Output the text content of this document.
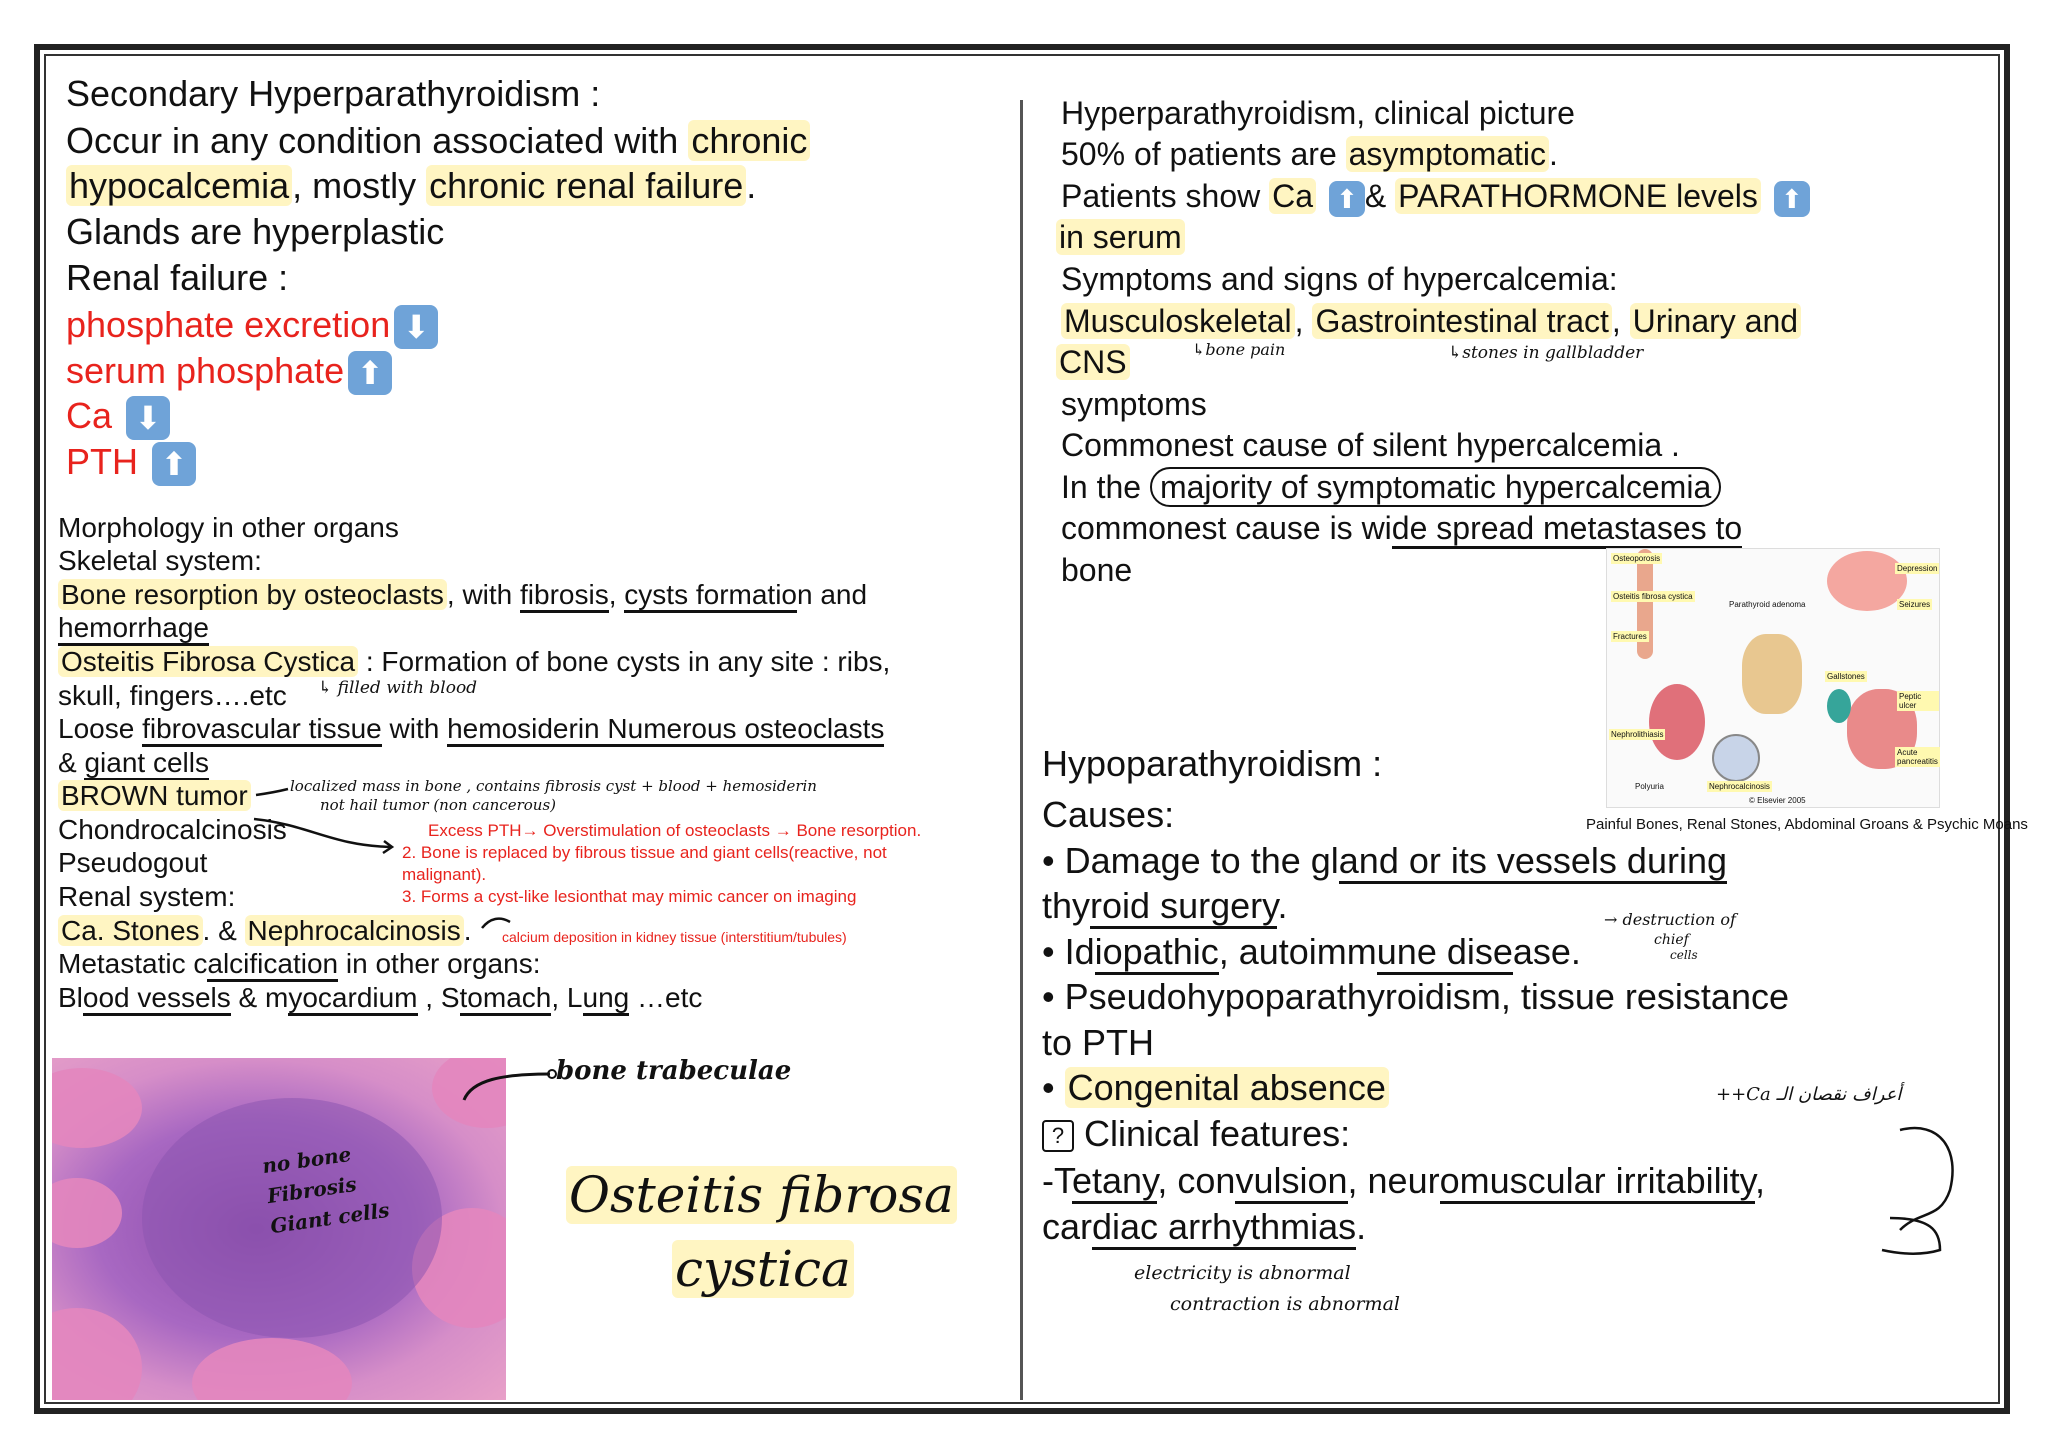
Secondary Hyperparathyroidism :
Occur in any condition associated with chronic
hypocalcemia, mostly chronic renal failure.
Glands are hyperplastic
Renal failure :
phosphate excretion ⬇
serum phosphate ⬆
Ca ⬇
PTH ⬆
Morphology in other organs
Skeletal system:
Bone resorption by osteoclasts , with fibrosis, cysts formation and
hemorrhage
Osteitis Fibrosa Cystica : Formation of bone cysts in any site : ribs,
skull, fingers….etc
Loose fibrovascular tissue with hemosiderin Numerous osteoclasts
& giant cells
BROWN tumor
Chondrocalcinosis
Pseudogout
Renal system:
Ca. Stones . & Nephrocalcinosis .
Metastatic calcification in other organs:
Blood vessels & myocardium , Stomach, Lung …etc
↳ filled with blood
localized mass in bone , contains fibrosis cyst + blood + hemosiderin
not hail tumor (non cancerous)
Excess PTH→ Overstimulation of osteoclasts → Bone resorption.
2. Bone is replaced by fibrous tissue and giant cells(reactive, not
malignant).
3. Forms a cyst-like lesionthat may mimic cancer on imaging
calcium deposition in kidney tissue (interstitium/tubules)
no bone
Fibrosis
Giant cells
bone trabeculae
Osteitis fibrosa
cystica
Hyperparathyroidism, clinical picture
50% of patients are asymptomatic.
Patients show Ca ⬆ & PARATHORMONE levels ⬆
in serum
Symptoms and signs of hypercalcemia:
Musculoskeletal, Gastrointestinal tract, Urinary and
CNS	↳bone pain	↳stones in gallbladder
symptoms
Commonest cause of silent hypercalcemia .
In the majority of symptomatic hypercalcemia
commonest cause is wide spread metastases to
bone	Osteoporosis
Osteitis fibrosa cystica
Fractures
Parathyroid adenoma
Depression
Seizures
Gallstones
Peptic ulcer
Acute pancreatitis
Nephrolithiasis
Polyuria	Nephrocalcinosis
© Elsevier 2005
Painful Bones, Renal Stones, Abdominal Groans & Psychic Moans
Hypoparathyroidism :
Causes:
• Damage to the gland or its vessels during
thyroid surgery.
• Idiopathic, autoimmune disease.
→ destruction of
chief
cells
• Pseudohypoparathyroidism, tissue resistance
to PTH
• Congenital absence
? Clinical features:
-Tetany, convulsion, neuromuscular irritability,
cardiac arrhythmias.
electricity is abnormal
contraction is abnormal
أعراف نقصان الـ Ca++
